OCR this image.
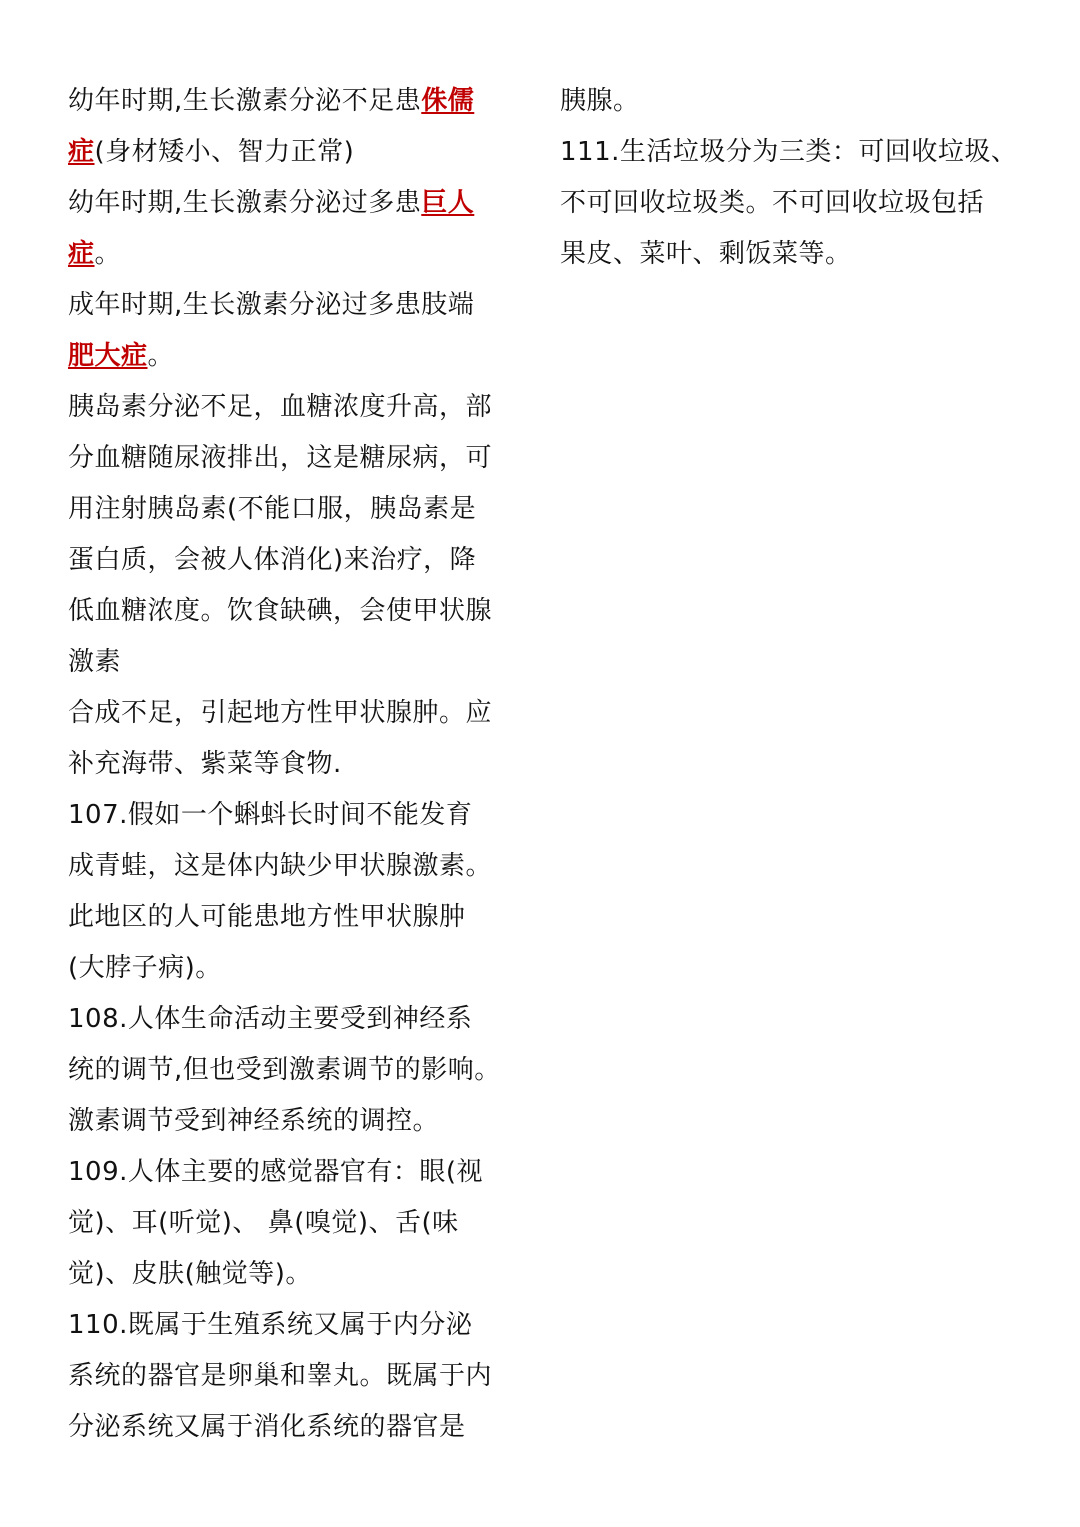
幼年时期,生长激素分泌不足患侏儒
症(身材矮小、智力正常)
幼年时期,生长激素分泌过多患巨人
症。
成年时期,生长激素分泌过多患肢端
肥大症。
胰岛素分泌不足，血糖浓度升高，部
分血糖随尿液排出，这是糖尿病，可
用注射胰岛素(不能口服，胰岛素是
蛋白质，会被人体消化)来治疗，降
低血糖浓度。饮食缺碘，会使甲状腺
激素
合成不足，引起地方性甲状腺肿。应
补充海带、紫菜等食物.
107.假如一个蝌蚪长时间不能发育
成青蛙，这是体内缺少甲状腺激素。
此地区的人可能患地方性甲状腺肿
(大脖子病)。
108.人体生命活动主要受到神经系
统的调节,但也受到激素调节的影响。
激素调节受到神经系统的调控。
109.人体主要的感觉器官有：眼(视
觉)、耳(听觉)、 鼻(嗅觉)、舌(味
觉)、皮肤(触觉等)。
110.既属于生殖系统又属于内分泌
系统的器官是卵巢和睾丸。既属于内
分泌系统又属于消化系统的器官是
胰腺。
111.生活垃圾分为三类：可回收垃圾、
不可回收垃圾类。不可回收垃圾包括
果皮、菜叶、剩饭菜等。
